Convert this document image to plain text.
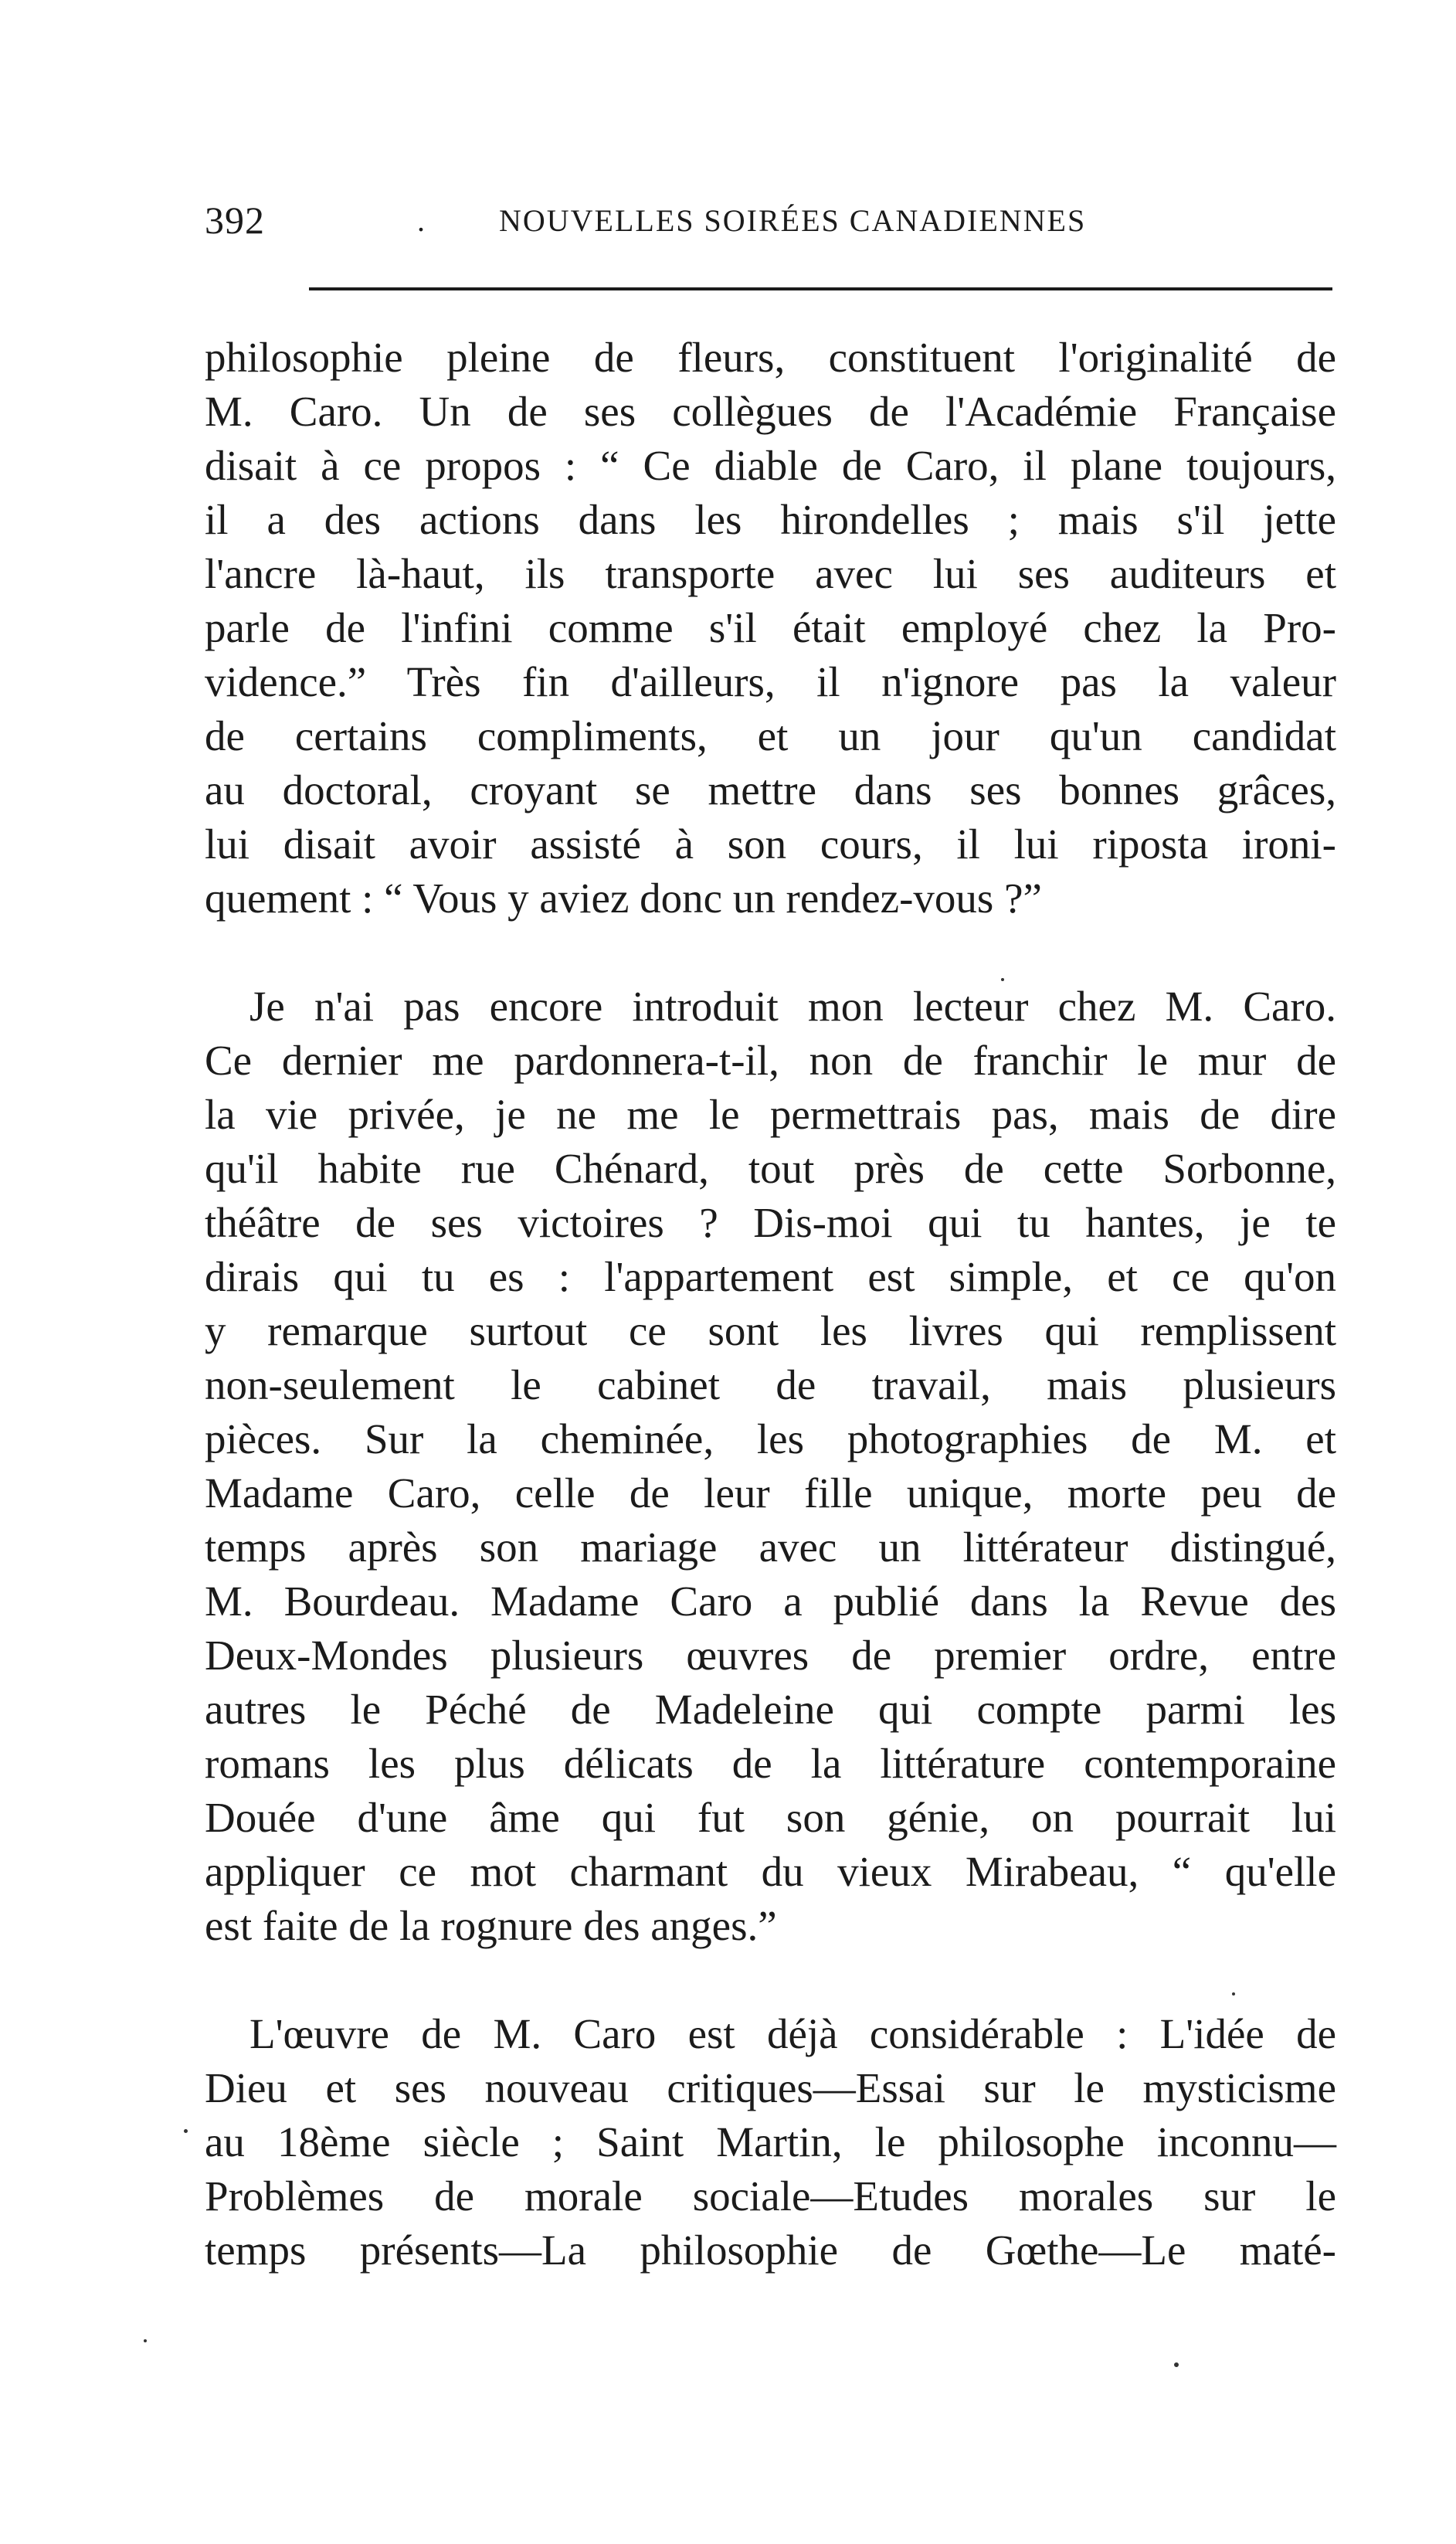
392	. NOUVELLES SOIRÉES CANADIENNES
philosophie pleine de fleurs, constituent l'originalité de
M. Caro. Un de ses collègues de l'Académie Française
disait à ce propos : “ Ce diable de Caro, il plane toujours,
il a des actions dans les hirondelles ; mais s'il jette
l'ancre là-haut, ils transporte avec lui ses auditeurs et
parle de l'infini comme s'il était employé chez la Pro-
vidence.” Très fin d'ailleurs, il n'ignore pas la valeur
de certains compliments, et un jour qu'un candidat
au doctoral, croyant se mettre dans ses bonnes grâces,
lui disait avoir assisté à son cours, il lui riposta ironi-
quement : “ Vous y aviez donc un rendez-vous ?”
Je n'ai pas encore introduit mon lecteur chez M. Caro.
Ce dernier me pardonnera-t-il, non de franchir le mur de
la vie privée, je ne me le permettrais pas, mais de dire
qu'il habite rue Chénard, tout près de cette Sorbonne,
théâtre de ses victoires ? Dis-moi qui tu hantes, je te
dirais qui tu es : l'appartement est simple, et ce qu'on
y remarque surtout ce sont les livres qui remplissent
non-seulement le cabinet de travail, mais plusieurs
pièces. Sur la cheminée, les photographies de M. et
Madame Caro, celle de leur fille unique, morte peu de
temps après son mariage avec un littérateur distingué,
M. Bourdeau. Madame Caro a publié dans la Revue des
Deux-Mondes plusieurs œuvres de premier ordre, entre
autres le Péché de Madeleine qui compte parmi les
romans les plus délicats de la littérature contemporaine
Douée d'une âme qui fut son génie, on pourrait lui
appliquer ce mot charmant du vieux Mirabeau, “ qu'elle
est faite de la rognure des anges.”
L'œuvre de M. Caro est déjà considérable : L'idée de
Dieu et ses nouveau critiques—Essai sur le mysticisme
au 18ème siècle ; Saint Martin, le philosophe inconnu—
Problèmes de morale sociale—Etudes morales sur le
temps présents—La philosophie de Gœthe—Le maté-
